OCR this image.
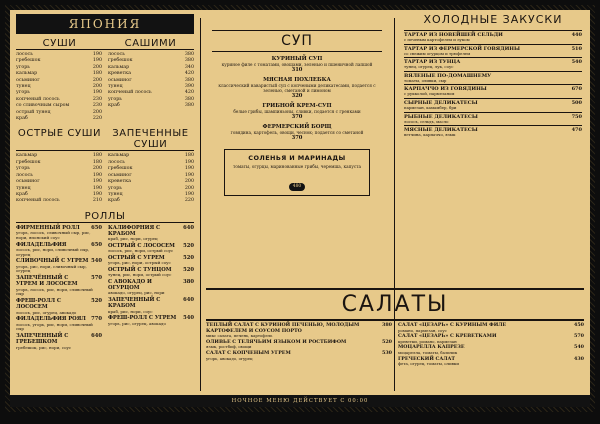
ЯПОНИЯ
СУШИ	САШИМИ
лосось	190
гребешок	190
угорь	200
кальмар	180
осьминог	200
тунец	200
угорь	190
копченый лосось	230
со сливочным сыром	230
острый тунец	200
краб	220
лосось	380
гребешок	380
кальмар	340
креветка	420
осьминог	380
тунец	390
копченый лосось	420
угорь	380
краб	380
ОСТРЫЕ СУШИ	ЗАПЕЧЕННЫЕ СУШИ
кальмар	180
гребешок	180
угорь	200
лосось	190
осьминог	190
тунец	190
краб	190
копченый лосось	210
кальмар	180
лосось	190
гребешок	190
осьминог	190
креветка	200
угорь	200
тунец	190
краб	220
РОЛЛЫ
ФИРМЕННЫЙ РОЛЛ 650
угорь, лосось, сливочный сыр, рис, нори, японский соус
ФИЛАДЕЛЬФИЯ	650
лосось, рис, нори, сливочный сыр, огурец
СЛИВОЧНЫЙ С УГРЕМ 540
угорь, рис, нори, сливочный сыр, огурец
ЗАПЕЧЁННЫЙ С УГРЕМ И ЛОСОСЕМ
570
угорь, лосось, рис, нори, сливочный сыр
ФРЕШ-РОЛЛ С ЛОСОСЕМ
520
лосось, рис, огурец, авокадо
ФИЛАДЕЛЬФИЯ РОЯЛ 770
лосось, угорь, рис, нори, сливочный сыр
ЗАПЕЧЕННЫЙ С ГРЕБЕШКОМ
640
гребешок, рис, нори, соус
КАЛИФОРНИЯ С КРАБОМ
640
краб, рис, нори, огурец
ОСТРЫЙ С ЛОСОСЕМ 520
лосось, рис, нори, острый соус
ОСТРЫЙ С УГРЕМ	520
угорь, рис, нори, острый соус
ОСТРЫЙ С ТУНЦОМ 520
тунец, рис, нори, острый соус
С АВОКАДО И ОГУРЦОМ
380
авокадо, огурец, рис, нори
ЗАПЕЧЕННЫЙ С КРАБОМ
640
краб, рис, нори, соус
ФРЕШ-РОЛЛ С УГРЕМ 540
угорь, рис, огурец, авокадо
СУП
КУРИНЫЙ СУП
куриное филе с томатами, овощами, зеленью и пшеничной лапшой
310
МЯСНАЯ ПОХЛЕБКА
классический наваристый суп с копчеными деликатесами, подается с зеленью, сметаной и лимоном
320
ГРИБНОЙ КРЕМ-СУП
белые грибы, шампиньоны, сливки, подается с гренками
370
ФЕРМЕРСКИЙ БОРЩ
говядина, картофель, овощи, чеснок; подается со сметаной
370
СОЛЕНЬЯ И МАРИНАДЫ
томаты, огурцы, маринованные грибы, черемша, капуста
480
ХОЛОДНЫЕ ЗАКУСКИ
ТАРТАР ИЗ НОВЕЙШЕЙ СЕЛЬДИ	440
с печеным картофелем и луком
ТАРТАР ИЗ ФЕРМЕРСКОЙ ГОВЯДИНЫ	510
со свежим огурцом и трюфелем
ТАРТАР ИЗ ТУНЦА	540
тунец, огурец, лук, соус
ВЯЛЕНЫЕ ПО-ДОМАШНЕМУ
томаты, оливки, сыр
КАРПАЧЧО ИЗ ГОВЯДИНЫ	670
с рукколой, пармезаном
СЫРНЫЕ ДЕЛИКАТЕСЫ	500
пармезан, камамбер, бри
РЫБНЫЕ ДЕЛИКАТЕСЫ	750
лосось, сельдь, масло
МЯСНЫЕ ДЕЛИКАТЕСЫ	470
ветчина, карпаччо, язык
САЛАТЫ
ТЕПЛЫЙ САЛАТ С КУРИНОЙ ПЕЧЕНЬЮ, МОЛОДЫМ КАРТОФЕЛЕМ И СОУСОМ ПОРТО
380
микс салата, печень, картофель
ОЛИВЬЕ С ТЕЛЯЧЬИМ ЯЗЫКОМ И РОСТБИФОМ	520
язык, ростбиф, овощи
САЛАТ С КОПЧЕНЫМ УГРЕМ	530
угорь, авокадо, огурец
САЛАТ «ЦЕЗАРЬ» С КУРИНЫМ ФИЛЕ	450
романо, пармезан, соус
САЛАТ «ЦЕЗАРЬ» С КРЕВЕТКАМИ	570
креветки, романо, пармезан
МОЦАРЕЛЛА КАПРЕЗЕ	540
моцарелла, томаты, базилик
ГРЕЧЕСКИЙ САЛАТ	430
фета, огурец, томаты, оливки
НОЧНОЕ МЕНЮ ДЕЙСТВУЕТ С 00:00
